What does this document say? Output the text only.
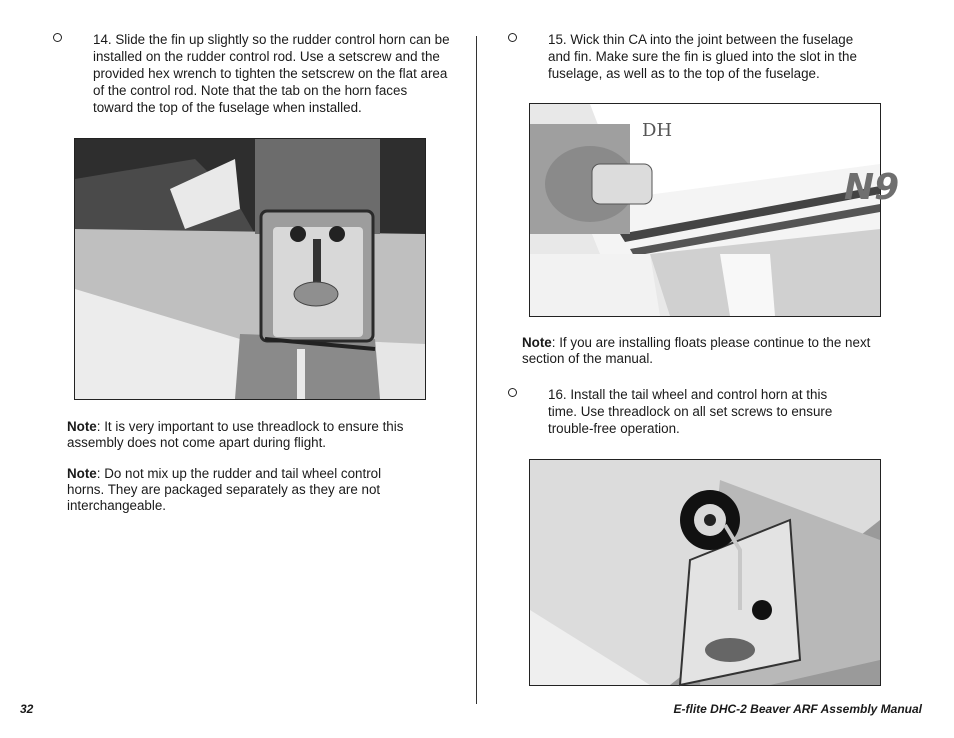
14. Slide the fin up slightly so the rudder control horn can be installed on the rudder control rod. Use a setscrew and the provided hex wrench to tighten the setscrew on the flat area of the control rod. Note that the tab on the horn faces toward the top of the fuselage when installed.
Note: It is very important to use threadlock to ensure this assembly does not come apart during flight.
Note: Do not mix up the rudder and tail wheel control horns. They are packaged separately as they are not interchangeable.
15. Wick thin CA into the joint between the fuselage and fin. Make sure the fin is glued into the slot in the fuselage, as well as to the top of the fuselage.
N9
DH
Note: If you are installing floats please continue to the next section of the manual.
16. Install the tail wheel and control horn at this time. Use threadlock on all set screws to ensure trouble-free operation.
32	E-flite DHC-2 Beaver ARF Assembly Manual
